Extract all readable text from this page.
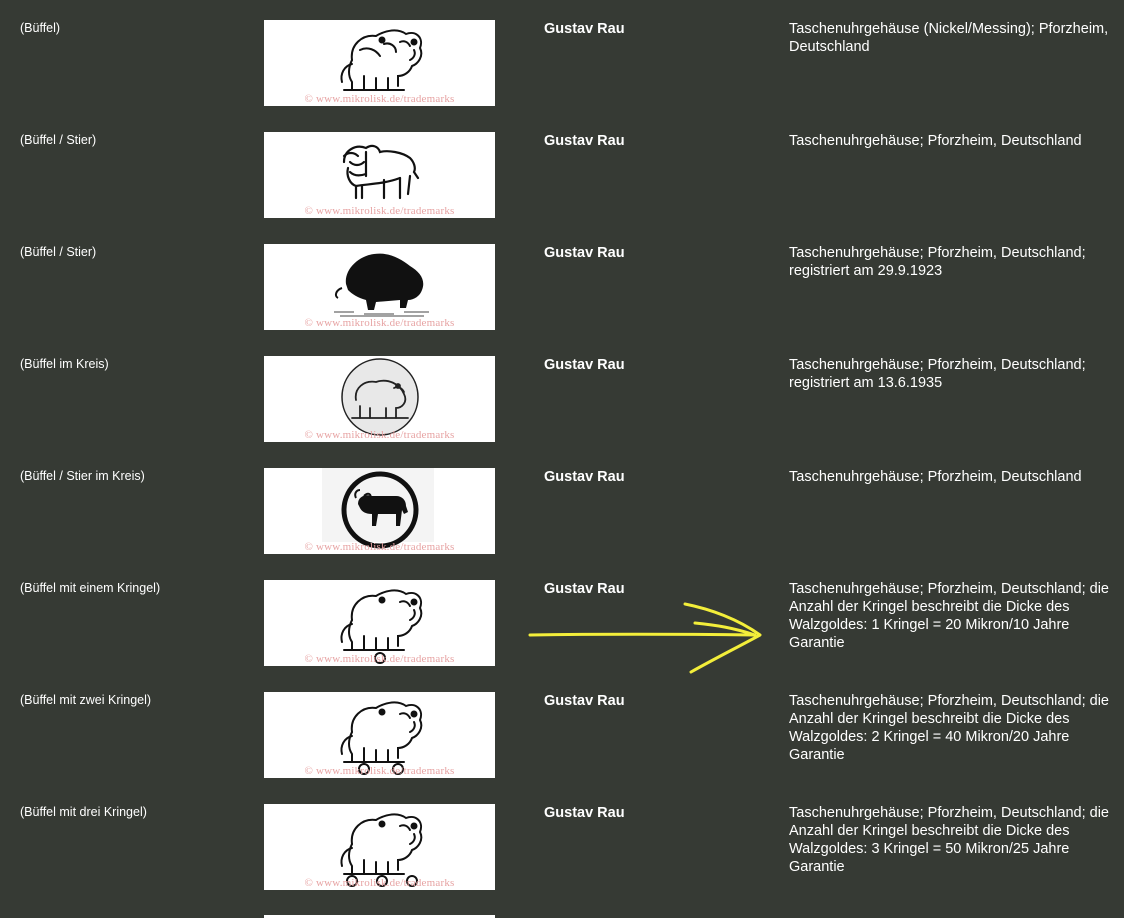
(Büffel)
© www.mikrolisk.de/trademarks
Gustav Rau	Taschenuhrgehäuse (Nickel/Messing); Pforzheim, Deutschland
(Büffel / Stier)
© www.mikrolisk.de/trademarks
Gustav Rau	Taschenuhrgehäuse; Pforzheim, Deutschland
(Büffel / Stier)
© www.mikrolisk.de/trademarks
Gustav Rau	Taschenuhrgehäuse; Pforzheim, Deutschland; registriert am 29.9.1923
(Büffel im Kreis)
© www.mikrolisk.de/trademarks
Gustav Rau	Taschenuhrgehäuse; Pforzheim, Deutschland; registriert am 13.6.1935
(Büffel / Stier im Kreis)
© www.mikrolisk.de/trademarks
Gustav Rau	Taschenuhrgehäuse; Pforzheim, Deutschland
(Büffel mit einem Kringel)
© www.mikrolisk.de/trademarks
Gustav Rau	Taschenuhrgehäuse; Pforzheim, Deutschland; die Anzahl der Kringel beschreibt die Dicke des Walzgoldes: 1 Kringel = 20 Mikron/10 Jahre Garantie
(Büffel mit zwei Kringel)
© www.mikrolisk.de/trademarks
Gustav Rau	Taschenuhrgehäuse; Pforzheim, Deutschland; die Anzahl der Kringel beschreibt die Dicke des Walzgoldes: 2 Kringel = 40 Mikron/20 Jahre Garantie
(Büffel mit drei Kringel)
© www.mikrolisk.de/trademarks
Gustav Rau	Taschenuhrgehäuse; Pforzheim, Deutschland; die Anzahl der Kringel beschreibt die Dicke des Walzgoldes: 3 Kringel = 50 Mikron/25 Jahre Garantie
